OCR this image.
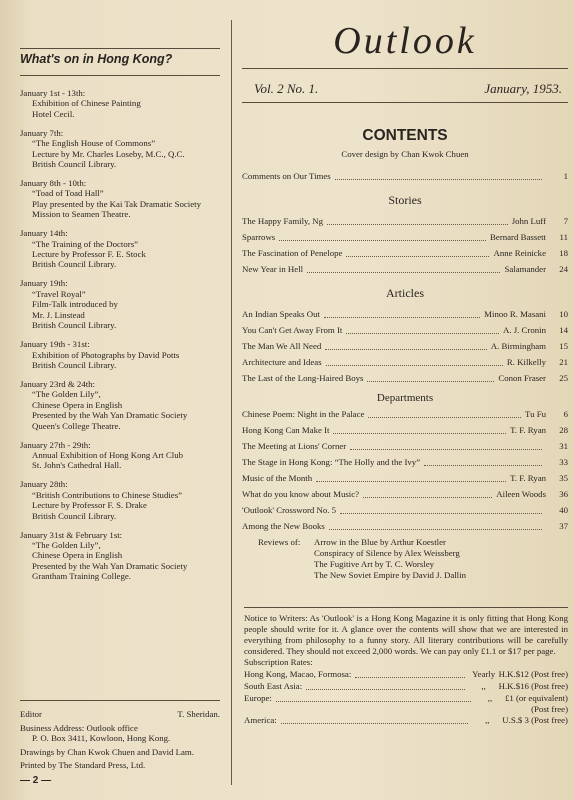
What's on in Hong Kong?
January 1st - 13th:
Exhibition of Chinese Painting
Hotel Cecil.
January 7th:
“The English House of Commons”
Lecture by Mr. Charles Loseby, M.C., Q.C.
British Council Library.
January 8th - 10th:
“Toad of Toad Hall”
Play presented by the Kai Tak Dramatic Society
Mission to Seamen Theatre.
January 14th:
“The Training of the Doctors”
Lecture by Professor F. E. Stock
British Council Library.
January 19th:
“Travel Royal”
Film-Talk introduced by
Mr. J. Linstead
British Council Library.
January 19th - 31st:
Exhibition of Photographs by David Potts
British Council Library.
January 23rd & 24th:
“The Golden Lily”,
Chinese Opera in English
Presented by the Wah Yan Dramatic Society
Queen's College Theatre.
January 27th - 29th:
Annual Exhibition of Hong Kong Art Club
St. John's Cathedral Hall.
January 28th:
“British Contributions to Chinese Studies”
Lecture by Professor F. S. Drake
British Council Library.
January 31st & February 1st:
“The Golden Lily”,
Chinese Opera in English
Presented by the Wah Yan Dramatic Society
Grantham Training College.

Editor	T. Sheridan.

Business Address: Outlook office

P. O. Box 3411, Kowloon, Hong Kong.

Drawings by Chan Kwok Chuen and David Lam.

Printed by The Standard Press, Ltd.

— 2 —
Outlook
Vol. 2 No. 1.	January, 1953.
CONTENTS
Cover design by Chan Kwok Chuen
Comments on Our Times	1
Stories
The Happy Family, Ng	John Luff	7
Sparrows	Bernard Bassett	11
The Fascination of Penelope	Anne Reinicke	18
New Year in Hell	Salamander	24
Articles
An Indian Speaks Out	Minoo R. Masani	10
You Can't Get Away From It	A. J. Cronin	14
The Man We All Need	A. Birmingham	15
Architecture and Ideas	R. Kilkelly	21
The Last of the Long-Haired Boys	Conon Fraser	25
Departments
Chinese Poem: Night in the Palace	Tu Fu	6
Hong Kong Can Make It	T. F. Ryan	28
The Meeting at Lions' Corner	31
The Stage in Hong Kong: “The Holly and the Ivy”	33
Music of the Month	T. F. Ryan	35
What do you know about Music?	Aileen Woods	36
'Outlook' Crossword No. 5	40
Among the New Books	37
Reviews of:	Arrow in the Blue by Arthur Koestler
Conspiracy of Silence by Alex Weissberg
The Fugitive Art by T. C. Worsley
The New Soviet Empire by David J. Dallin

Notice to Writers: As 'Outlook' is a Hong Kong Magazine it is only fitting that Hong Kong people should write for it. A glance over the contents will show that we are interested in everything from philosophy to a funny story. All literary contributions will be carefully considered. They should not exceed 2,000 words. We can pay only £1.1 or $17 per page.

Subscription Rates:

Hong Kong, Macao, Formosa:	Yearly H.K.$12 (Post free)
South East Asia:	,,	H.K.$16 (Post free)
Europe:	,,	£1 (or equivalent)
(Post free)
America:	,,	U.S.$ 3 (Post free)
